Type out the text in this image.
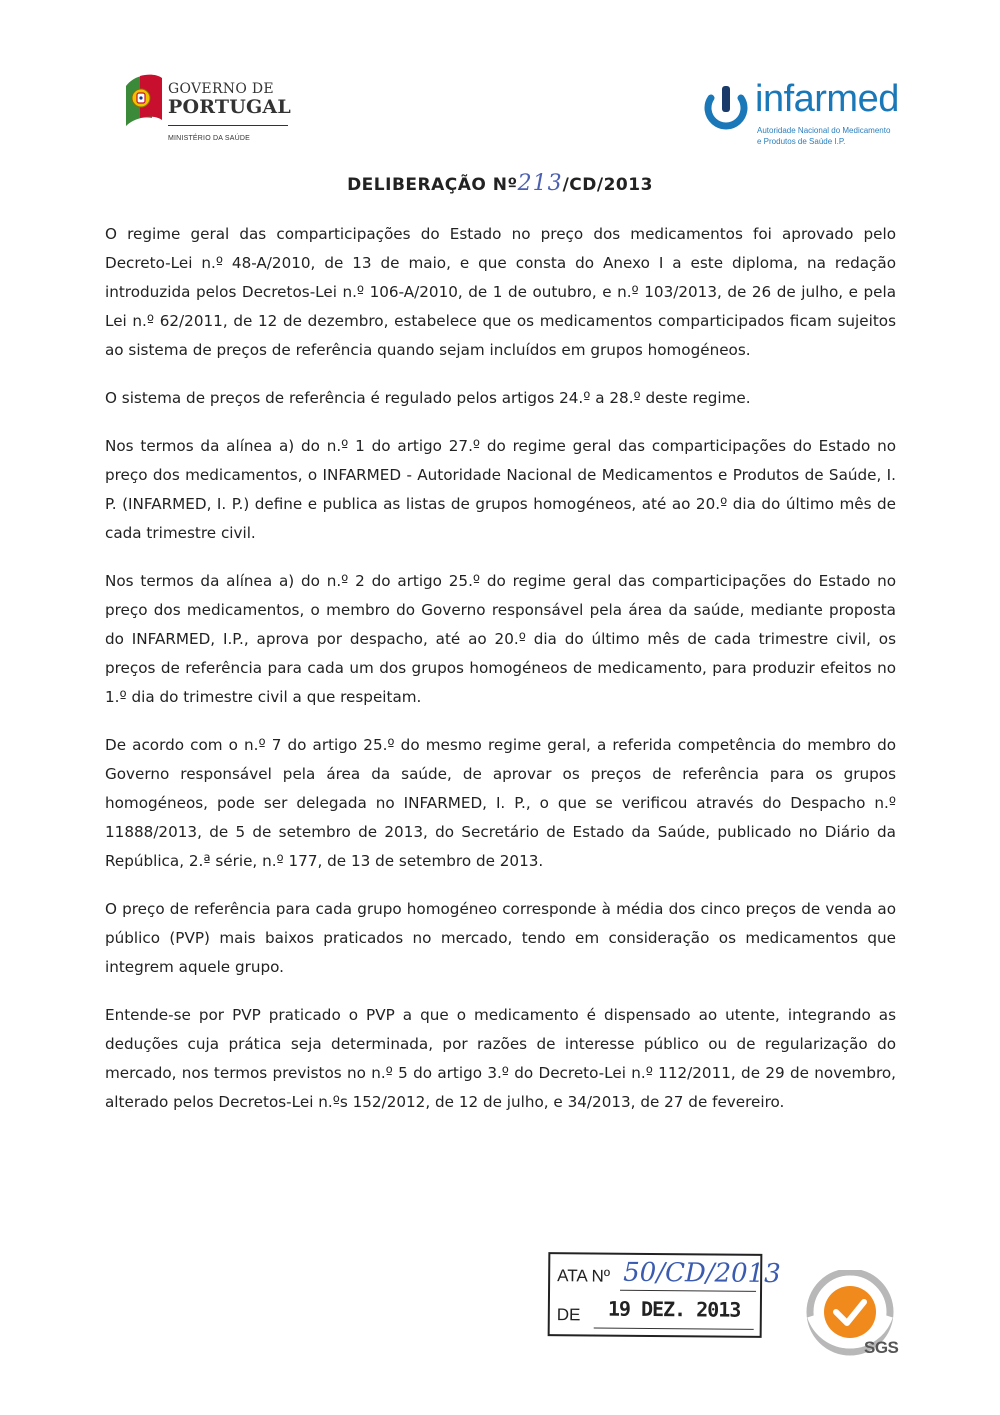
GOVERNO DE
PORTUGAL
MINISTÉRIO DA SAÚDE
infarmed
Autoridade Nacional do Medicamento
e Produtos de Saúde I.P.
DELIBERAÇÃO Nº213/CD/2013

O regime geral das comparticipações do Estado no preço dos medicamentos foi aprovado pelo Decreto-Lei n.º 48-A/2010, de 13 de maio, e que consta do Anexo I a este diploma, na redação introduzida pelos Decretos-Lei n.º 106-A/2010, de 1 de outubro, e n.º 103/2013, de 26 de julho, e pela Lei n.º 62/2011, de 12 de dezembro, estabelece que os medicamentos comparticipados ficam sujeitos ao sistema de preços de referência quando sejam incluídos em grupos homogéneos.

O sistema de preços de referência é regulado pelos artigos 24.º a 28.º deste regime.

Nos termos da alínea a) do n.º 1 do artigo 27.º do regime geral das comparticipações do Estado no preço dos medicamentos, o INFARMED - Autoridade Nacional de Medicamentos e Produtos de Saúde, I. P. (INFARMED, I. P.) define e publica as listas de grupos homogéneos, até ao 20.º dia do último mês de cada trimestre civil.

Nos termos da alínea a) do n.º 2 do artigo 25.º do regime geral das comparticipações do Estado no preço dos medicamentos, o membro do Governo responsável pela área da saúde, mediante proposta do INFARMED, I.P., aprova por despacho, até ao 20.º dia do último mês de cada trimestre civil, os preços de referência para cada um dos grupos homogéneos de medicamento, para produzir efeitos no 1.º dia do trimestre civil a que respeitam.

De acordo com o n.º 7 do artigo 25.º do mesmo regime geral, a referida competência do membro do Governo responsável pela área da saúde, de aprovar os preços de referência para os grupos homogéneos, pode ser delegada no INFARMED, I. P., o que se verificou através do Despacho n.º 11888/2013, de 5 de setembro de 2013, do Secretário de Estado da Saúde, publicado no Diário da República, 2.ª série, n.º 177, de 13 de setembro de 2013.

O preço de referência para cada grupo homogéneo corresponde à média dos cinco preços de venda ao público (PVP) mais baixos praticados no mercado, tendo em consideração os medicamentos que integrem aquele grupo.

Entende-se por PVP praticado o PVP a que o medicamento é dispensado ao utente, integrando as deduções cuja prática seja determinada, por razões de interesse público ou de regularização do mercado, nos termos previstos no n.º 5 do artigo 3.º do Decreto-Lei n.º 112/2011, de 29 de novembro, alterado pelos Decretos-Lei n.ºs 152/2012, de 12 de julho, e 34/2013, de 27 de fevereiro.

ATA Nº 50/CD/2013
DE 19 DEZ. 2013
SGS
